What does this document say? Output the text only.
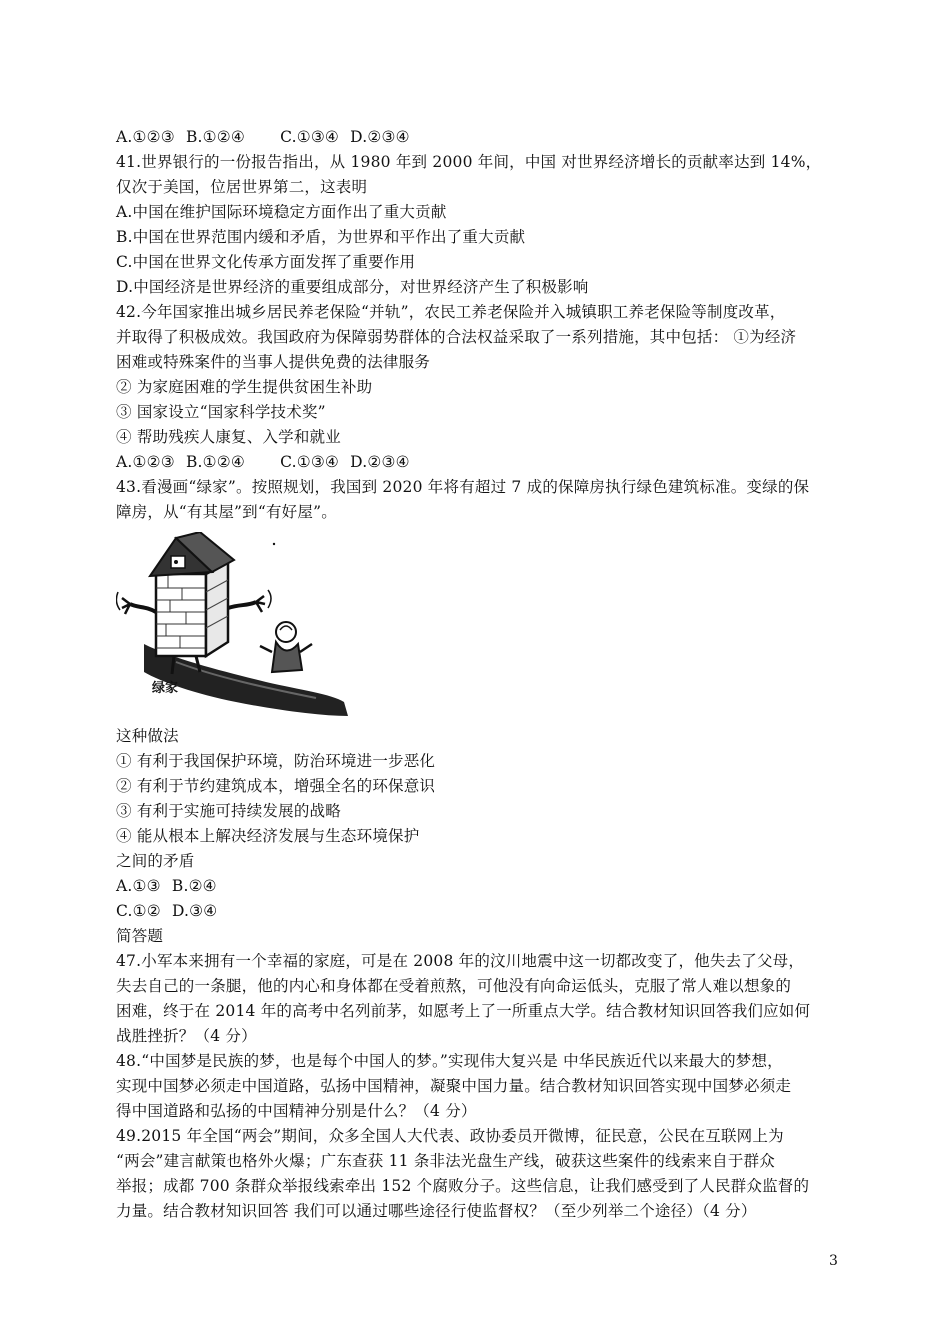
A.①②③ B.①②④ C.①③④ D.②③④
41.世界银行的一份报告指出，从 1980 年到 2000 年间，中国 对世界经济增长的贡献率达到 14%，
仅次于美国，位居世界第二，这表明
A.中国在维护国际环境稳定方面作出了重大贡献
B.中国在世界范围内缓和矛盾，为世界和平作出了重大贡献
C.中国在世界文化传承方面发挥了重要作用
D.中国经济是世界经济的重要组成部分，对世界经济产生了积极影响
42.今年国家推出城乡居民养老保险“并轨”，农民工养老保险并入城镇职工养老保险等制度改革，
并取得了积极成效。我国政府为保障弱势群体的合法权益采取了一系列措施，其中包括： ①为经济
困难或特殊案件的当事人提供免费的法律服务
② 为家庭困难的学生提供贫困生补助
③ 国家设立“国家科学技术奖”
④ 帮助残疾人康复、入学和就业
A.①②③ B.①②④ C.①③④ D.②③④
43.看漫画“绿家”。按照规划，我国到 2020 年将有超过 7 成的保障房执行绿色建筑标准。变绿的保
障房，从“有其屋”到“有好屋”。
绿家
这种做法
① 有利于我国保护环境，防治环境进一步恶化
② 有利于节约建筑成本，增强全名的环保意识
③ 有利于实施可持续发展的战略
④ 能从根本上解决经济发展与生态环境保护
之间的矛盾
A.①③ B.②④
C.①② D.③④
简答题
47.小军本来拥有一个幸福的家庭，可是在 2008 年的汶川地震中这一切都改变了，他失去了父母，
失去自己的一条腿，他的内心和身体都在受着煎熬，可他没有向命运低头，克服了常人难以想象的
困难，终于在 2014 年的高考中名列前茅，如愿考上了一所重点大学。结合教材知识回答我们应如何
战胜挫折？（4 分）
48.“中国梦是民族的梦，也是每个中国人的梦。”实现伟大复兴是 中华民族近代以来最大的梦想，
实现中国梦必须走中国道路，弘扬中国精神，凝聚中国力量。结合教材知识回答实现中国梦必须走
得中国道路和弘扬的中国精神分别是什么？（4 分）
49.2015 年全国“两会”期间，众多全国人大代表、政协委员开微博，征民意，公民在互联网上为
“两会”建言献策也格外火爆；广东查获 11 条非法光盘生产线，破获这些案件的线索来自于群众
举报；成都 700 条群众举报线索牵出 152 个腐败分子。这些信息，让我们感受到了人民群众监督的
力量。结合教材知识回答 我们可以通过哪些途径行使监督权？（至少列举二个途径）（4 分）
3
